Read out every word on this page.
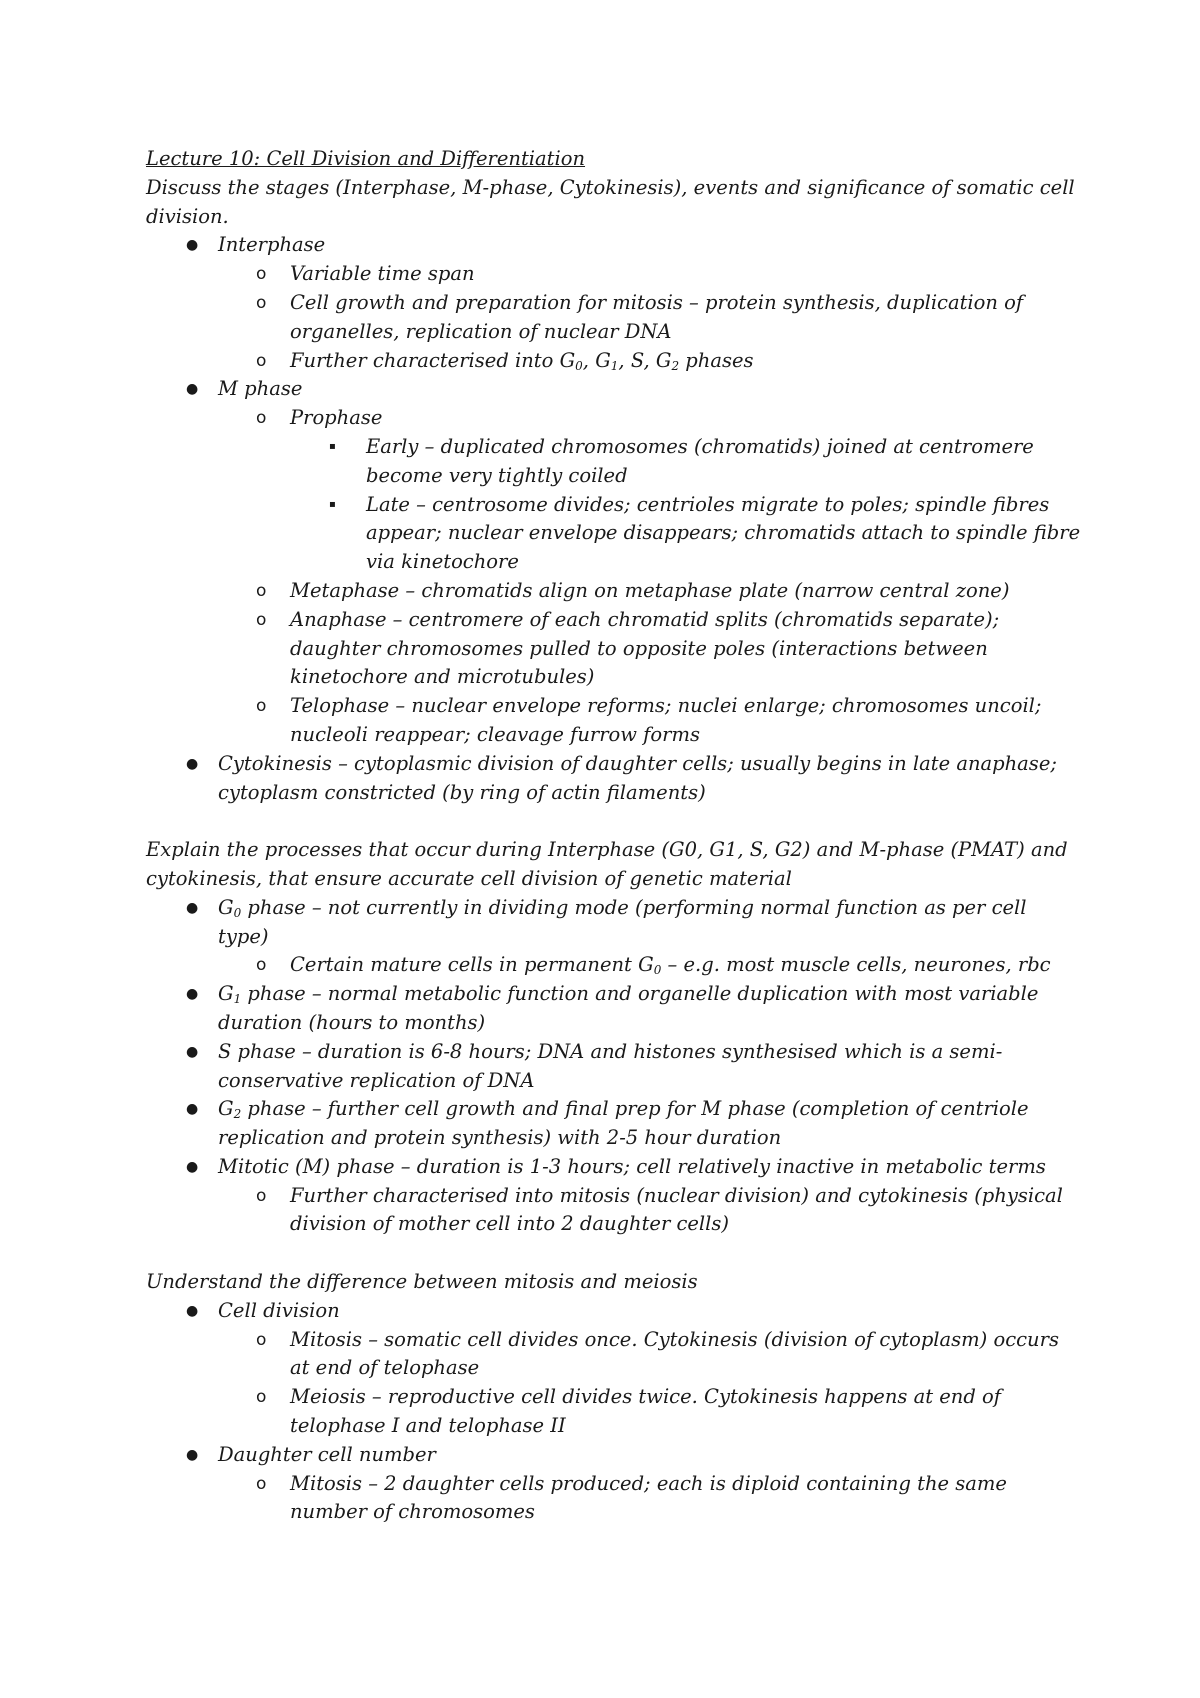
Lecture 10: Cell Division and Differentiation

Discuss the stages (Interphase, M-phase, Cytokinesis), events and significance of somatic cell division.

● Interphase
o Variable time span
o Cell growth and preparation for mitosis – protein synthesis, duplication of organelles, replication of nuclear DNA
o Further characterised into $G_0$, $G_1$, S, $G_2$ phases
● M phase
o Prophase
▪ Early – duplicated chromosomes (chromatids) joined at centromere become very tightly coiled
▪ Late – centrosome divides; centrioles migrate to poles; spindle fibres appear; nuclear envelope disappears; chromatids attach to spindle fibre via kinetochore
o Metaphase – chromatids align on metaphase plate (narrow central zone)
o Anaphase – centromere of each chromatid splits (chromatids separate); daughter chromosomes pulled to opposite poles (interactions between kinetochore and microtubules)
o Telophase – nuclear envelope reforms; nuclei enlarge; chromosomes uncoil; nucleoli reappear; cleavage furrow forms
● Cytokinesis – cytoplasmic division of daughter cells; usually begins in late anaphase; cytoplasm constricted (by ring of actin filaments)

Explain the processes that occur during Interphase (G0, G1, S, G2) and M-phase (PMAT) and cytokinesis, that ensure accurate cell division of genetic material

● $G_0$ phase – not currently in dividing mode (performing normal function as per cell type)
o Certain mature cells in permanent $G_0 - e.g$. most muscle cells, neurones, rbc
● $G_1$ phase – normal metabolic function and organelle duplication with most variable duration (hours to months)
● S phase – duration is 6-8 hours; DNA and histones synthesised which is a semi-conservative replication of DNA
● $G_2$ phase – further cell growth and final prep for M phase (completion of centriole replication and protein synthesis) with 2-5 hour duration
● Mitotic (M) phase – duration is 1-3 hours; cell relatively inactive in metabolic terms
o Further characterised into mitosis (nuclear division) and cytokinesis (physical division of mother cell into 2 daughter cells)

Understand the difference between mitosis and meiosis

● Cell division
o Mitosis – somatic cell divides once. Cytokinesis (division of cytoplasm) occurs at end of telophase
o Meiosis – reproductive cell divides twice. Cytokinesis happens at end of telophase I and telophase II
● Daughter cell number
o Mitosis – 2 daughter cells produced; each is diploid containing the same number of chromosomes
